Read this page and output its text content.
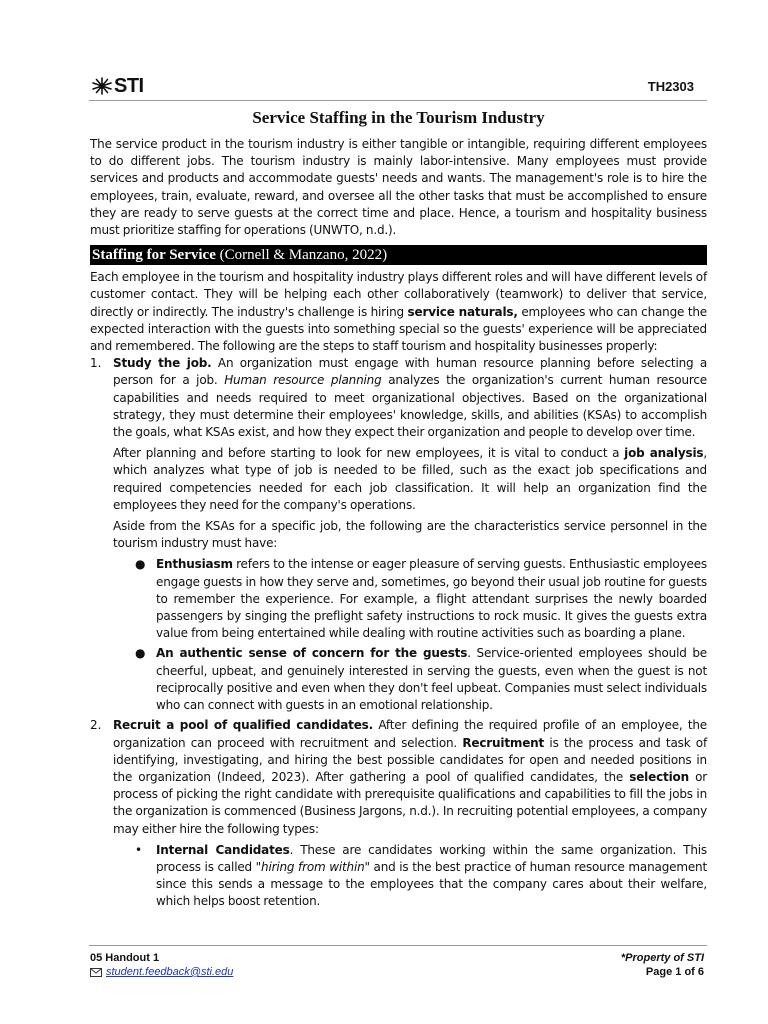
STI	TH2303
Service Staffing in the Tourism Industry

The service product in the tourism industry is either tangible or intangible, requiring different employees to do different jobs. The tourism industry is mainly labor-intensive. Many employees must provide services and products and accommodate guests' needs and wants. The management's role is to hire the employees, train, evaluate, reward, and oversee all the other tasks that must be accomplished to ensure they are ready to serve guests at the correct time and place. Hence, a tourism and hospitality business must prioritize staffing for operations (UNWTO, n.d.).

Staffing for Service (Cornell & Manzano, 2022)

Each employee in the tourism and hospitality industry plays different roles and will have different levels of customer contact. They will be helping each other collaboratively (teamwork) to deliver that service, directly or indirectly. The industry's challenge is hiring service naturals, employees who can change the expected interaction with the guests into something special so the guests' experience will be appreciated and remembered. The following are the steps to staff tourism and hospitality businesses properly:

1. Study the job. An organization must engage with human resource planning before selecting a person for a job. Human resource planning analyzes the organization's current human resource capabilities and needs required to meet organizational objectives. Based on the organizational strategy, they must determine their employees' knowledge, skills, and abilities (KSAs) to accomplish the goals, what KSAs exist, and how they expect their organization and people to develop over time.

After planning and before starting to look for new employees, it is vital to conduct a job analysis, which analyzes what type of job is needed to be filled, such as the exact job specifications and required competencies needed for each job classification. It will help an organization find the employees they need for the company's operations.

Aside from the KSAs for a specific job, the following are the characteristics service personnel in the tourism industry must have:

● Enthusiasm refers to the intense or eager pleasure of serving guests. Enthusiastic employees engage guests in how they serve and, sometimes, go beyond their usual job routine for guests to remember the experience. For example, a flight attendant surprises the newly boarded passengers by singing the preflight safety instructions to rock music. It gives the guests extra value from being entertained while dealing with routine activities such as boarding a plane.

● An authentic sense of concern for the guests. Service-oriented employees should be cheerful, upbeat, and genuinely interested in serving the guests, even when the guest is not reciprocally positive and even when they don't feel upbeat. Companies must select individuals who can connect with guests in an emotional relationship.

2. Recruit a pool of qualified candidates. After defining the required profile of an employee, the organization can proceed with recruitment and selection. Recruitment is the process and task of identifying, investigating, and hiring the best possible candidates for open and needed positions in the organization (Indeed, 2023). After gathering a pool of qualified candidates, the selection or process of picking the right candidate with prerequisite qualifications and capabilities to fill the jobs in the organization is commenced (Business Jargons, n.d.). In recruiting potential employees, a company may either hire the following types:

• Internal Candidates. These are candidates working within the same organization. This process is called "hiring from within" and is the best practice of human resource management since this sends a message to the employees that the company cares about their welfare, which helps boost retention.

05 Handout 1
student.feedback@sti.edu
*Property of STI
Page 1 of 6
